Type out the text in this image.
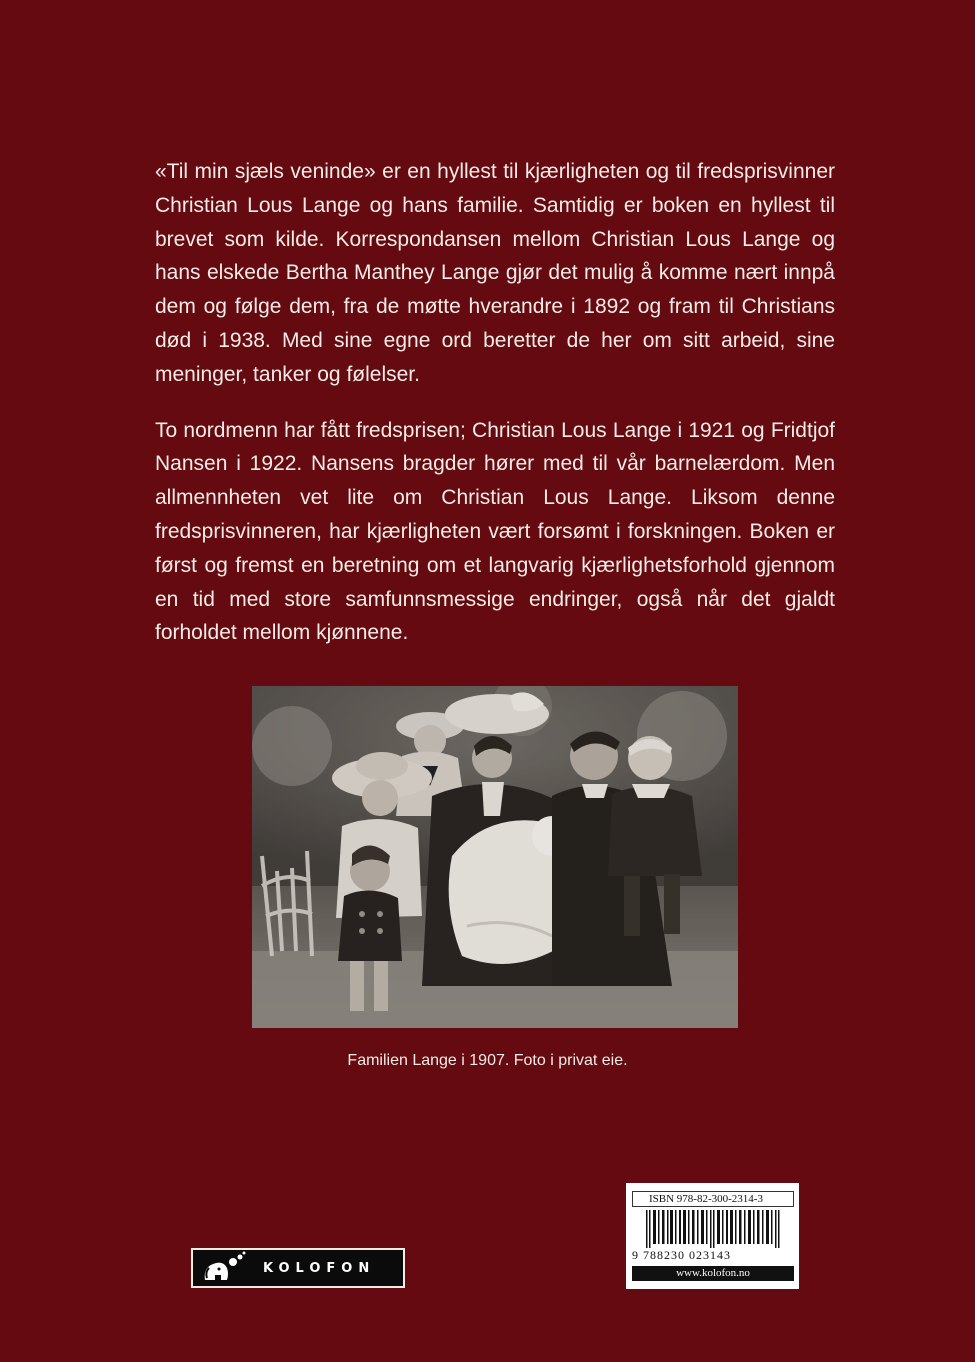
«Til min sjæls veninde» er en hyllest til kjærligheten og til fredsprisvinner Christian Lous Lange og hans familie. Samtidig er boken en hyllest til brevet som kilde. Korrespondansen mellom Christian Lous Lange og hans elskede Bertha Manthey Lange gjør det mulig å komme nært innpå dem og følge dem, fra de møtte hverandre i 1892 og fram til Christians død i 1938. Med sine egne ord beretter de her om sitt arbeid, sine meninger, tanker og følelser.

To nordmenn har fått fredsprisen; Christian Lous Lange i 1921 og Fridtjof Nansen i 1922. Nansens bragder hører med til vår barnelærdom. Men allmennheten vet lite om Christian Lous Lange. Liksom denne fredsprisvinneren, har kjærligheten vært forsømt i forskningen. Boken er først og fremst en beretning om et langvarig kjærlighetsforhold gjennom en tid med store samfunnsmessige endringer, også når det gjaldt forholdet mellom kjønnene.

Familien Lange i 1907. Foto i privat eie.
KOLOFON
ISBN 978-82-300-2314-3
9 788230 023143
www.kolofon.no
